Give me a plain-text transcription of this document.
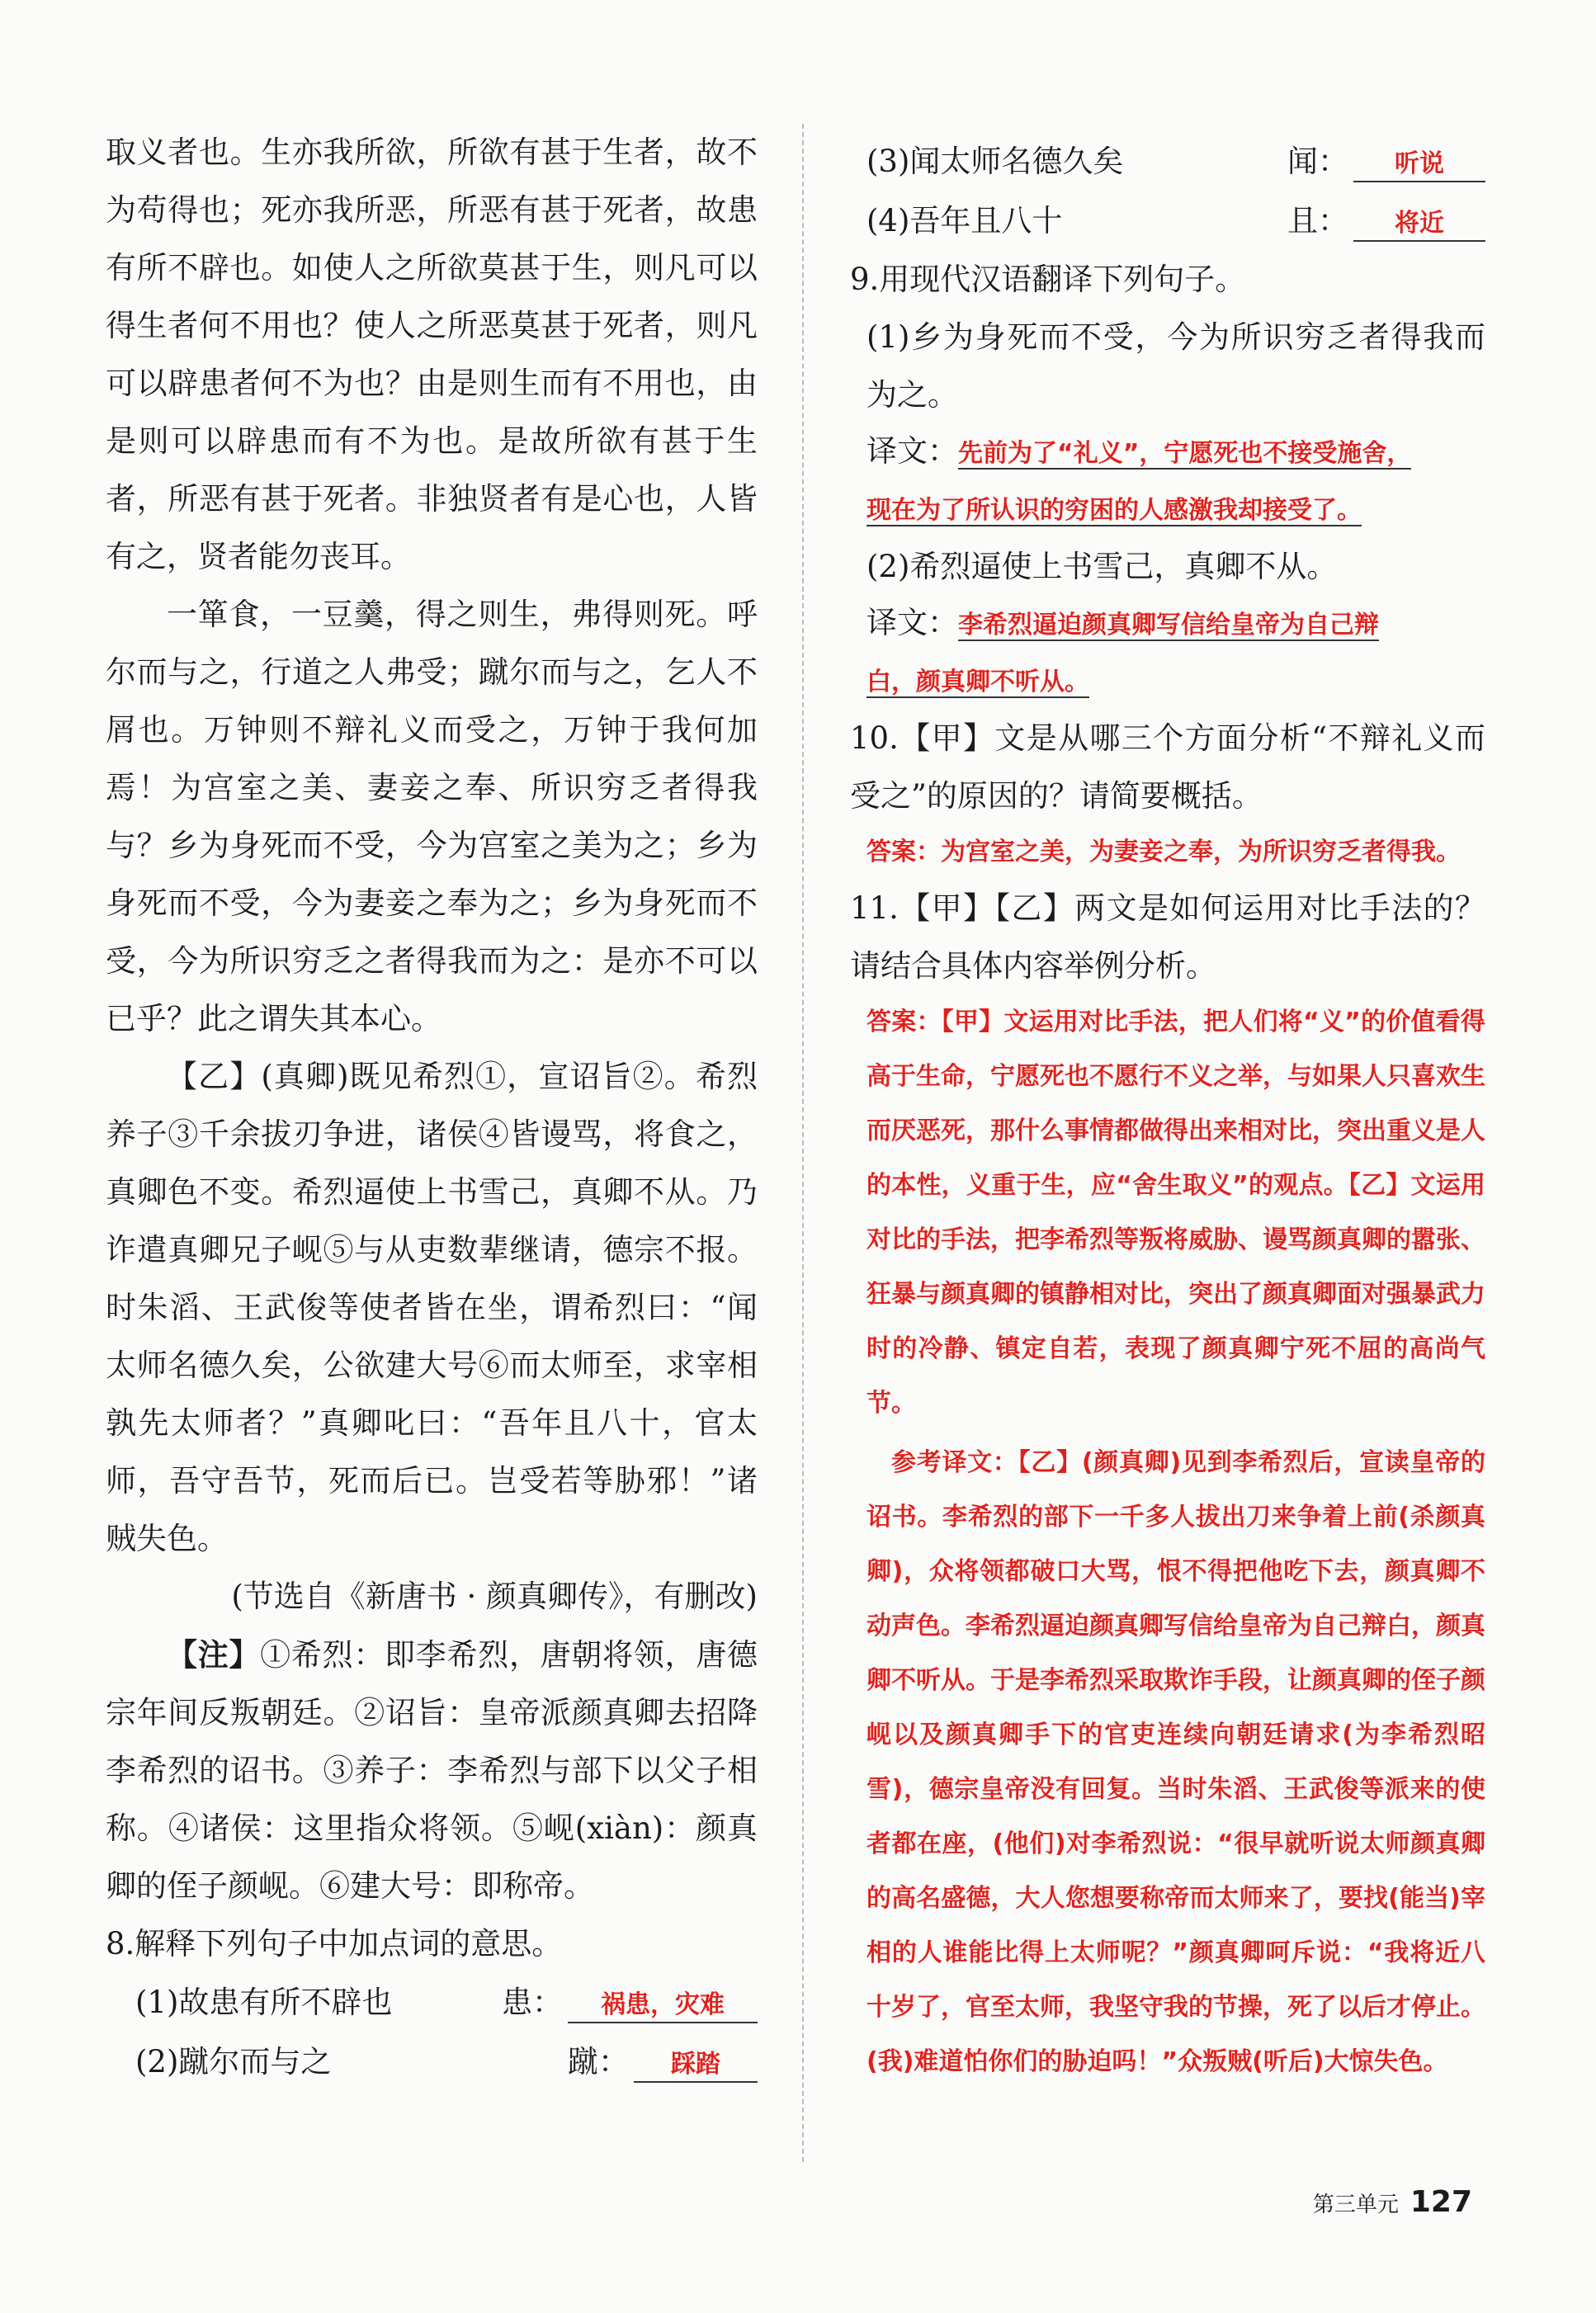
取义者也。生亦我所欲，所欲有甚于生者，故不为苟得也；死亦我所恶，所恶有甚于死者，故患有所不辟也。如使人之所欲莫甚于生，则凡可以得生者何不用也？使人之所恶莫甚于死者，则凡可以辟患者何不为也？由是则生而有不用也，由是则可以辟患而有不为也。是故所欲有甚于生者，所恶有甚于死者。非独贤者有是心也，人皆有之，贤者能勿丧耳。

一箪食，一豆羹，得之则生，弗得则死。呼尔而与之，行道之人弗受；蹴尔而与之，乞人不屑也。万钟则不辩礼义而受之，万钟于我何加焉！为宫室之美、妻妾之奉、所识穷乏者得我与？乡为身死而不受，今为宫室之美为之；乡为身死而不受，今为妻妾之奉为之；乡为身死而不受，今为所识穷乏之者得我而为之：是亦不可以已乎？此之谓失其本心。

【乙】(真卿)既见希烈①，宣诏旨②。希烈养子③千余拔刃争进，诸侯④皆谩骂，将食之，真卿色不变。希烈逼使上书雪己，真卿不从。乃诈遣真卿兄子岘⑤与从吏数辈继请，德宗不报。时朱滔、王武俊等使者皆在坐，谓希烈曰：“闻太师名德久矣，公欲建大号⑥而太师至，求宰相孰先太师者？”真卿叱曰：“吾年且八十，官太师，吾守吾节，死而后已。岂受若等胁邪！”诸贼失色。

(节选自《新唐书 · 颜真卿传》，有删改)

【注】①希烈：即李希烈，唐朝将领，唐德宗年间反叛朝廷。②诏旨：皇帝派颜真卿去招降李希烈的诏书。③养子：李希烈与部下以父子相称。④诸侯：这里指众将领。⑤岘(xiàn)：颜真卿的侄子颜岘。⑥建大号：即称帝。

8.解释下列句子中加点词的意思。

(1)故患有所不辟也	患： 祸患，灾难
(2)蹴尔而与之	蹴： 踩踏
(3)闻太师名德久矣	闻： 听说
(4)吾年且八十	且： 将近

9.用现代汉语翻译下列句子。

(1)乡为身死而不受，今为所识穷乏者得我而为之。

译文：先前为了“礼义”，宁愿死也不接受施舍，
现在为了所认识的穷困的人感激我却接受了。

(2)希烈逼使上书雪己，真卿不从。

译文：李希烈逼迫颜真卿写信给皇帝为自己辩
白，颜真卿不听从。

10.【甲】文是从哪三个方面分析“不辩礼义而受之”的原因的？请简要概括。

答案：为宫室之美，为妻妾之奉，为所识穷乏者得我。

11.【甲】【乙】两文是如何运用对比手法的？请结合具体内容举例分析。

答案：【甲】文运用对比手法，把人们将“义”的价值看得高于生命，宁愿死也不愿行不义之举，与如果人只喜欢生而厌恶死，那什么事情都做得出来相对比，突出重义是人的本性，义重于生，应“舍生取义”的观点。【乙】文运用对比的手法，把李希烈等叛将威胁、谩骂颜真卿的嚣张、狂暴与颜真卿的镇静相对比，突出了颜真卿面对强暴武力时的冷静、镇定自若，表现了颜真卿宁死不屈的高尚气节。

参考译文：【乙】(颜真卿)见到李希烈后，宣读皇帝的诏书。李希烈的部下一千多人拔出刀来争着上前(杀颜真卿)，众将领都破口大骂，恨不得把他吃下去，颜真卿不动声色。李希烈逼迫颜真卿写信给皇帝为自己辩白，颜真卿不听从。于是李希烈采取欺诈手段，让颜真卿的侄子颜岘以及颜真卿手下的官吏连续向朝廷请求(为李希烈昭雪)，德宗皇帝没有回复。当时朱滔、王武俊等派来的使者都在座，(他们)对李希烈说：“很早就听说太师颜真卿的高名盛德，大人您想要称帝而太师来了，要找(能当)宰相的人谁能比得上太师呢？”颜真卿呵斥说：“我将近八十岁了，官至太师，我坚守我的节操，死了以后才停止。(我)难道怕你们的胁迫吗！”众叛贼(听后)大惊失色。

第三单元 127
